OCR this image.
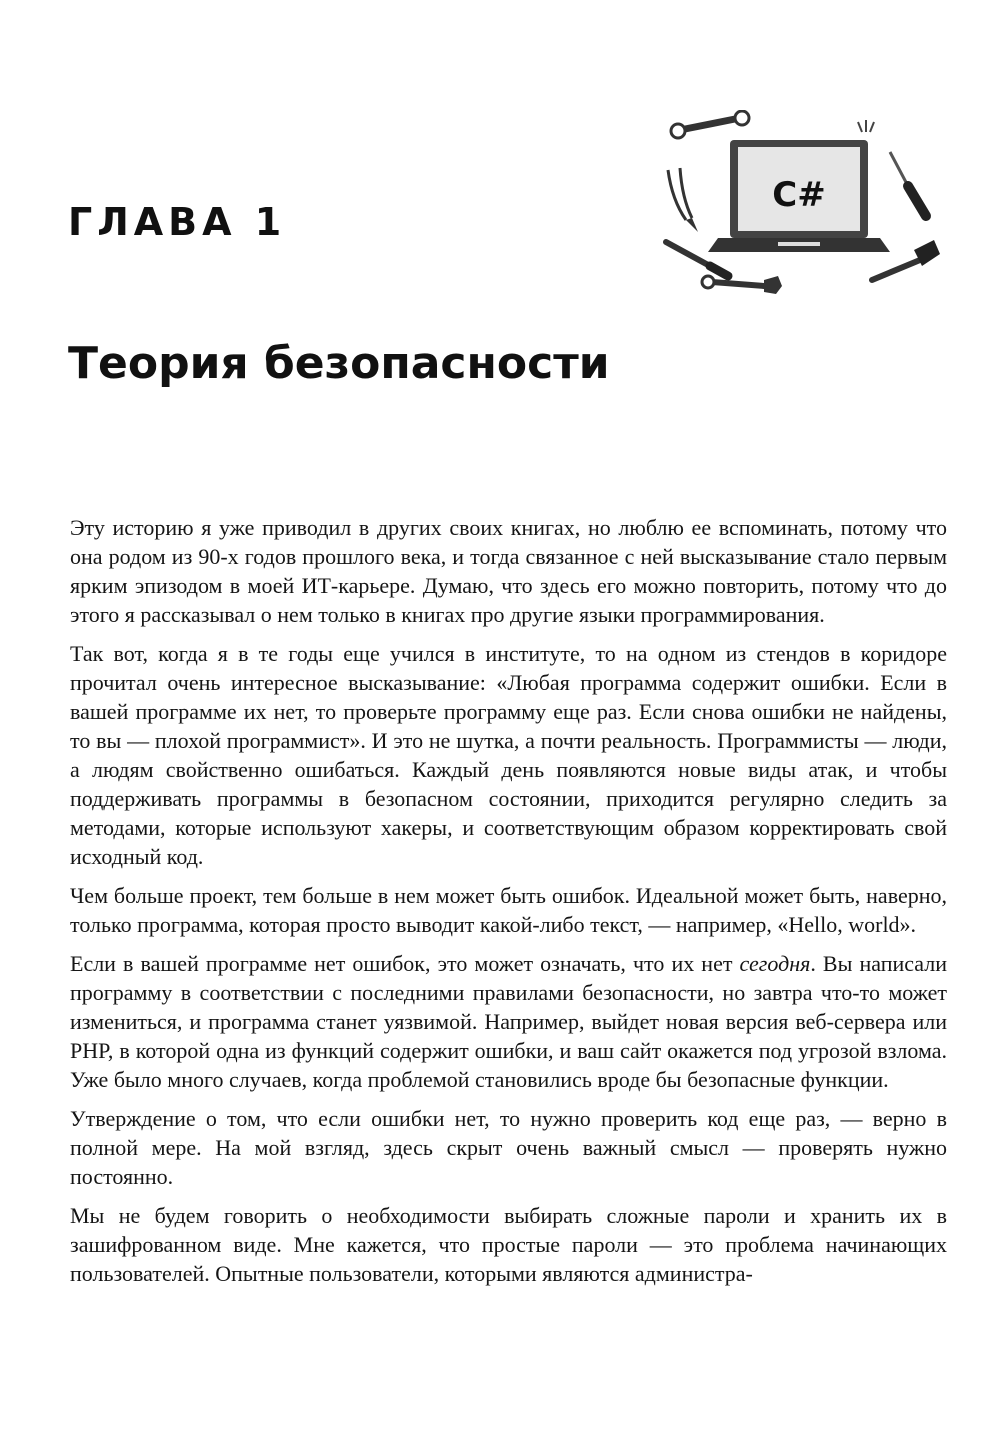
ГЛАВА 1
C#
Теория безопасности

Эту историю я уже приводил в других своих книгах, но люблю ее вспоминать, потому что она родом из 90-х годов прошлого века, и тогда связанное с ней высказывание стало первым ярким эпизодом в моей ИТ-карьере. Думаю, что здесь его можно повторить, потому что до этого я рассказывал о нем только в книгах про другие языки программирования.

Так вот, когда я в те годы еще учился в институте, то на одном из стендов в коридоре прочитал очень интересное высказывание: «Любая программа содержит ошибки. Если в вашей программе их нет, то проверьте программу еще раз. Если снова ошибки не найдены, то вы — плохой программист». И это не шутка, а почти реальность. Программисты — люди, а людям свойственно ошибаться. Каждый день появляются новые виды атак, и чтобы поддерживать программы в безопасном состоянии, приходится регулярно следить за методами, которые используют хакеры, и соответствующим образом корректировать свой исходный код.

Чем больше проект, тем больше в нем может быть ошибок. Идеальной может быть, наверно, только программа, которая просто выводит какой-либо текст, — например, «Hello, world».

Если в вашей программе нет ошибок, это может означать, что их нет сегодня. Вы написали программу в соответствии с последними правилами безопасности, но завтра что-то может измениться, и программа станет уязвимой. Например, выйдет новая версия веб-сервера или PHP, в которой одна из функций содержит ошибки, и ваш сайт окажется под угрозой взлома. Уже было много случаев, когда проблемой становились вроде бы безопасные функции.

Утверждение о том, что если ошибки нет, то нужно проверить код еще раз, — верно в полной мере. На мой взгляд, здесь скрыт очень важный смысл — проверять нужно постоянно.

Мы не будем говорить о необходимости выбирать сложные пароли и хранить их в зашифрованном виде. Мне кажется, что простые пароли — это проблема начинающих пользователей. Опытные пользователи, которыми являются администра-
